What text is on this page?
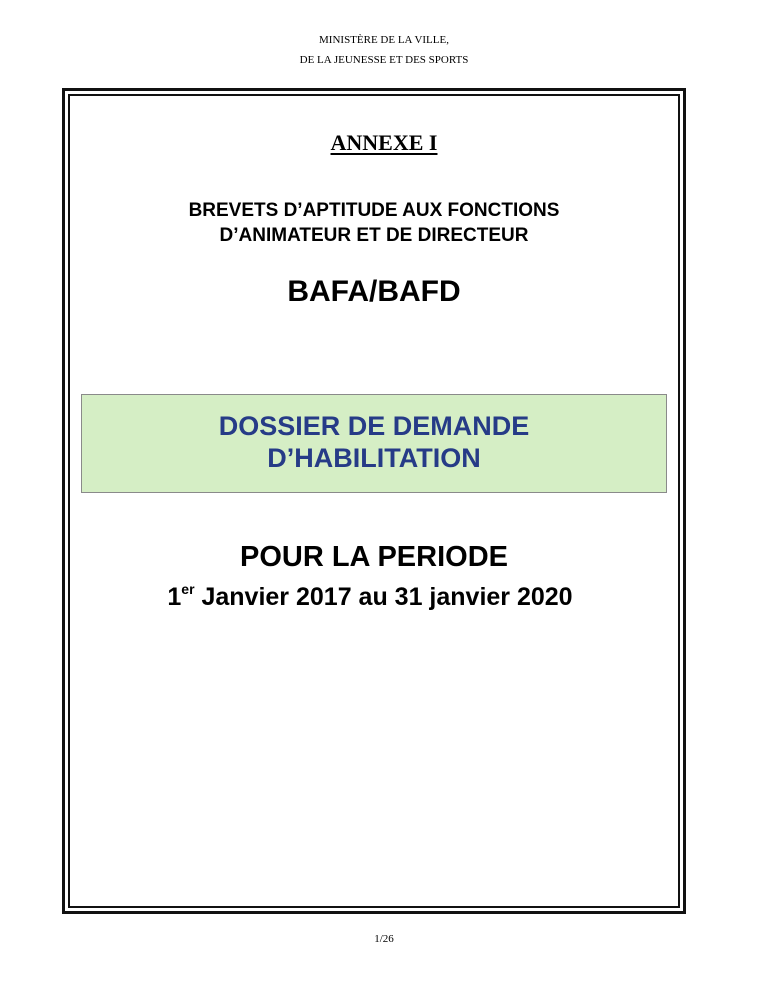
MINISTÈRE DE LA VILLE,
DE LA JEUNESSE ET DES SPORTS
ANNEXE I
BREVETS D’APTITUDE AUX FONCTIONS
D’ANIMATEUR ET DE DIRECTEUR
BAFA/BAFD
DOSSIER DE DEMANDE
D’HABILITATION
POUR LA PERIODE
1er Janvier 2017 au 31 janvier 2020
1/26
